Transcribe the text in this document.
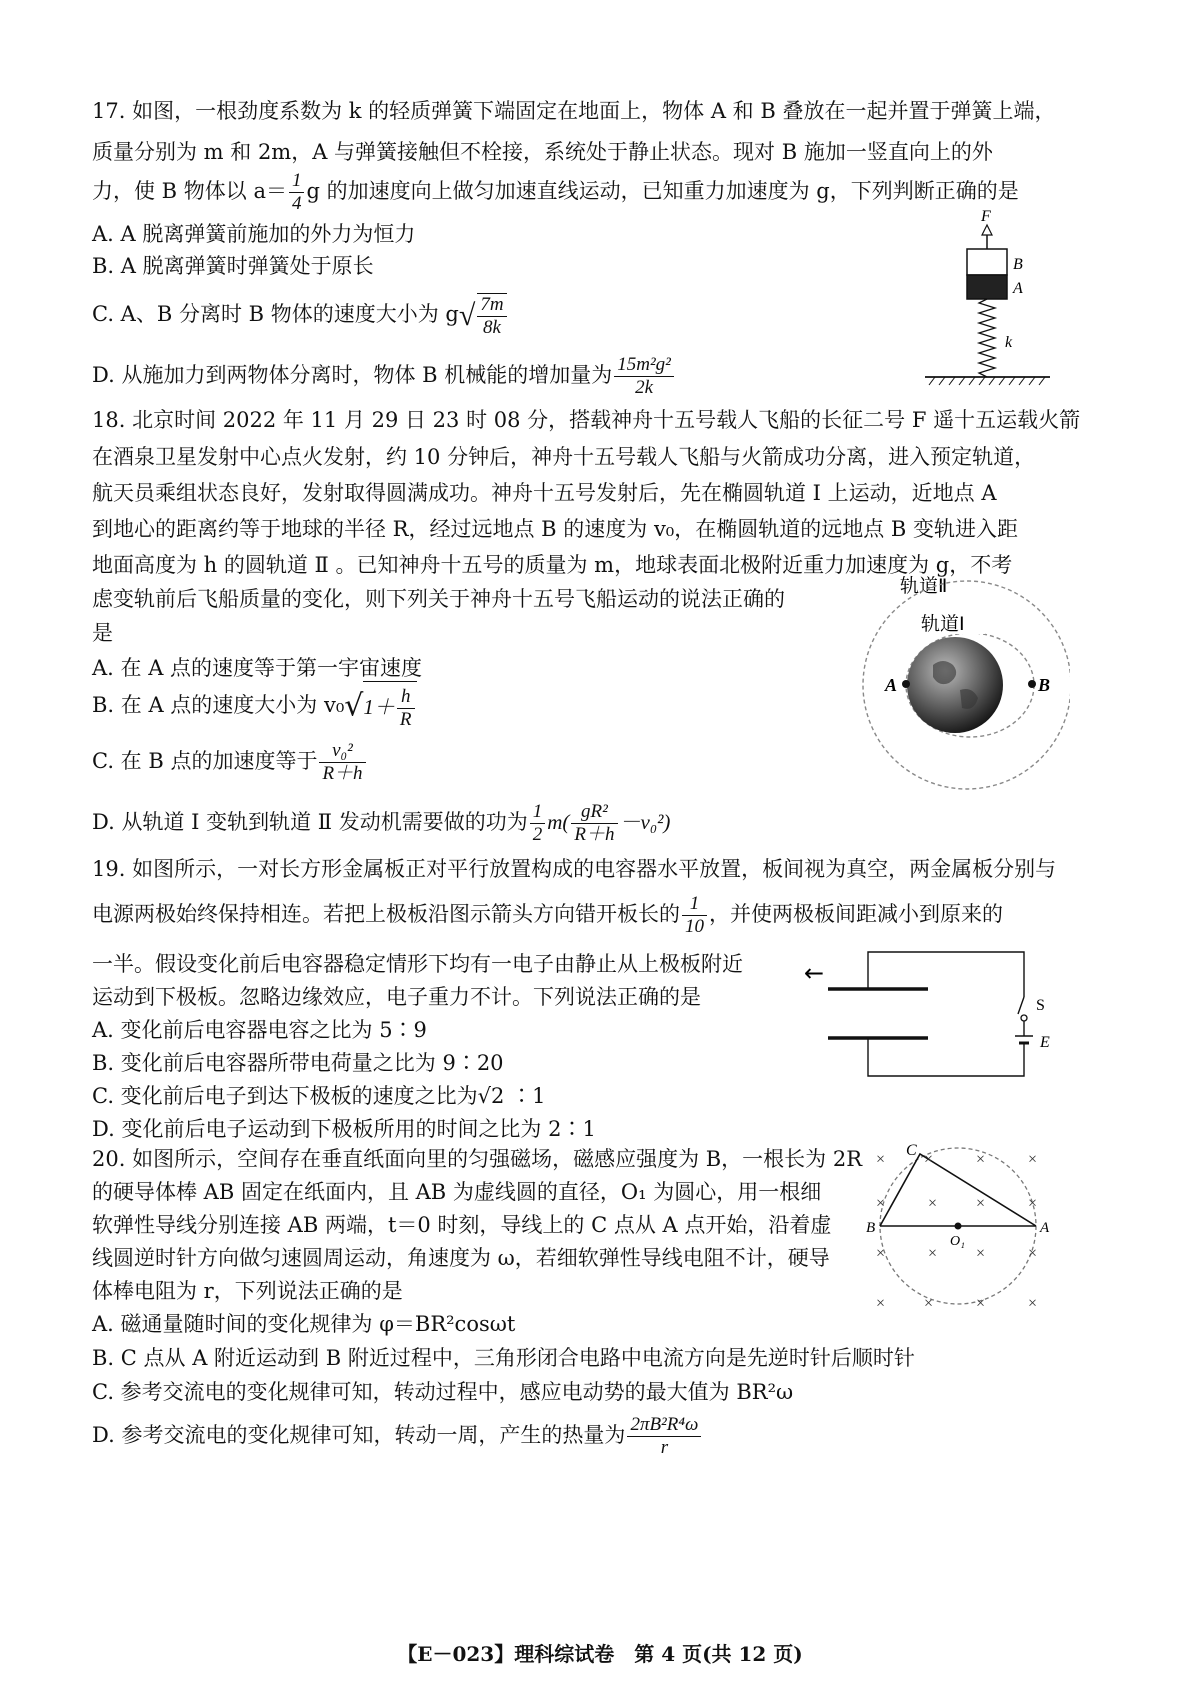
17. 如图，一根劲度系数为 k 的轻质弹簧下端固定在地面上，物体 A 和 B 叠放在一起并置于弹簧上端，
质量分别为 m 和 2m，A 与弹簧接触但不栓接，系统处于静止状态。现对 B 施加一竖直向上的外
力，使 B 物体以 $a= \frac{1}{4}$ g 的加速度向上做匀加速直线运动，已知重力加速度为 g，下列判断正确的是
A. A 脱离弹簧前施加的外力为恒力
B. A 脱离弹簧时弹簧处于原长
C. A、B 分离时 B 物体的速度大小为 $g√ \frac{7m}{8k}$
D. 从施加力到两物体分离时，物体 B 机械能的增加量为 $\frac{\text{15m²g²}}{2k}$
F
B
A
k
18. 北京时间 2022 年 11 月 29 日 23 时 08 分，搭载神舟十五号载人飞船的长征二号 F 遥十五运载火箭
在酒泉卫星发射中心点火发射，约 10 分钟后，神舟十五号载人飞船与火箭成功分离，进入预定轨道，
航天员乘组状态良好，发射取得圆满成功。神舟十五号发射后，先在椭圆轨道 Ⅰ 上运动，近地点 A
到地心的距离约等于地球的半径 R，经过远地点 B 的速度为 v₀，在椭圆轨道的远地点 B 变轨进入距
地面高度为 h 的圆轨道 Ⅱ 。已知神舟十五号的质量为 m，地球表面北极附近重力加速度为 g，不考
虑变轨前后飞船质量的变化，则下列关于神舟十五号飞船运动的说法正确的
是
A. 在 A 点的速度等于第一宇宙速度
B. 在 A 点的速度大小为 $v_0√1+ \frac{h}{R}$
C. 在 B 点的加速度等于 $\frac{\text{v₀²}}{R+h}$
D. 从轨道 Ⅰ 变轨到轨道 Ⅱ 发动机需要做的功为 $\frac{1}{2} m( \frac{\text{gR²}}{R+h} -v_0^2)$
轨道Ⅱ
轨道Ⅰ
A	B
19. 如图所示，一对长方形金属板正对平行放置构成的电容器水平放置，板间视为真空，两金属板分别与
电源两极始终保持相连。若把上极板沿图示箭头方向错开板长的 $\frac{1}{10}$ ，并使两极板间距减小到原来的
一半。假设变化前后电容器稳定情形下均有一电子由静止从上极板附近
运动到下极板。忽略边缘效应，电子重力不计。下列说法正确的是
A. 变化前后电容器电容之比为 5∶9
B. 变化前后电容器所带电荷量之比为 9∶20
C. 变化前后电子到达下极板的速度之比为√2 ∶1
D. 变化前后电子运动到下极板所用的时间之比为 2∶1
←
S
E
20. 如图所示，空间存在垂直纸面向里的匀强磁场，磁感应强度为 B，一根长为 2R
的硬导体棒 AB 固定在纸面内，且 AB 为虚线圆的直径，O₁ 为圆心，用一根细
软弹性导线分别连接 AB 两端，t＝0 时刻，导线上的 C 点从 A 点开始，沿着虚
线圆逆时针方向做匀速圆周运动，角速度为 ω，若细软弹性导线电阻不计，硬导
体棒电阻为 r，下列说法正确的是
A. 磁通量随时间的变化规律为 φ＝BR²cosωt
B. C 点从 A 附近运动到 B 附近过程中，三角形闭合电路中电流方向是先逆时针后顺时针
C. 参考交流电的变化规律可知，转动过程中，感应电动势的最大值为 BR²ω
D. 参考交流电的变化规律可知，转动一周，产生的热量为 $\frac{\text{2πB²R⁴ω}}{r}$
C
B	A
O₁
× ×	×	×
×	× ×	×
×	× ×	×
× ×	×	×
【E－023】理科综试卷　第 4 页(共 12 页)
